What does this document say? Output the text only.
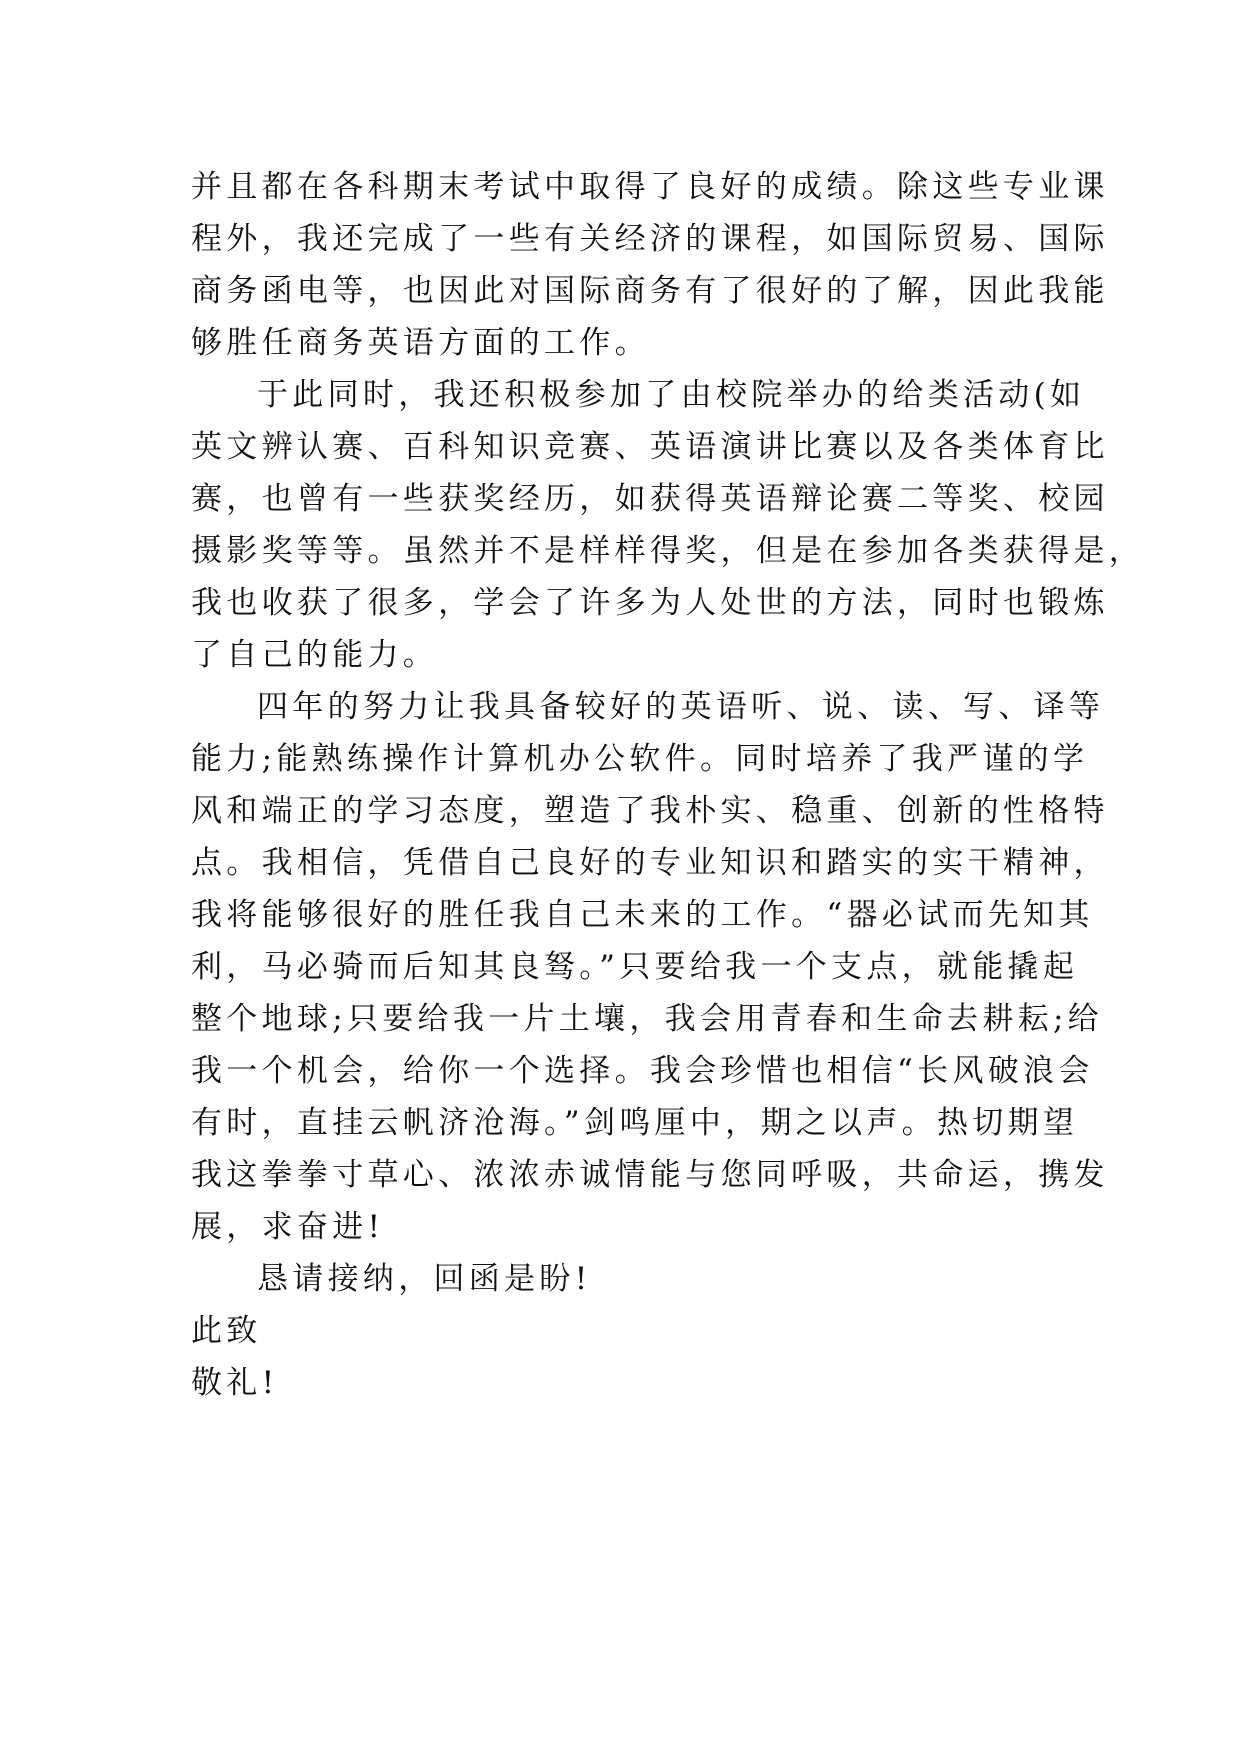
并且都在各科期末考试中取得了良好的成绩。除这些专业课
程外，我还完成了一些有关经济的课程，如国际贸易、国际
商务函电等，也因此对国际商务有了很好的了解，因此我能
够胜任商务英语方面的工作。
于此同时，我还积极参加了由校院举办的给类活动(如
英文辨认赛、百科知识竞赛、英语演讲比赛以及各类体育比
赛，也曾有一些获奖经历，如获得英语辩论赛二等奖、校园
摄影奖等等。虽然并不是样样得奖，但是在参加各类获得是，
我也收获了很多，学会了许多为人处世的方法，同时也锻炼
了自己的能力。
四年的努力让我具备较好的英语听、说、读、写、译等
能力;能熟练操作计算机办公软件。同时培养了我严谨的学
风和端正的学习态度，塑造了我朴实、稳重、创新的性格特
点。我相信，凭借自己良好的专业知识和踏实的实干精神，
我将能够很好的胜任我自己未来的工作。“器必试而先知其
利，马必骑而后知其良驽。”只要给我一个支点，就能撬起
整个地球;只要给我一片土壤，我会用青春和生命去耕耘;给
我一个机会，给你一个选择。我会珍惜也相信“长风破浪会
有时，直挂云帆济沧海。”剑鸣厘中，期之以声。热切期望
我这拳拳寸草心、浓浓赤诚情能与您同呼吸，共命运，携发
展，求奋进!
恳请接纳，回函是盼!
此致
敬礼!
